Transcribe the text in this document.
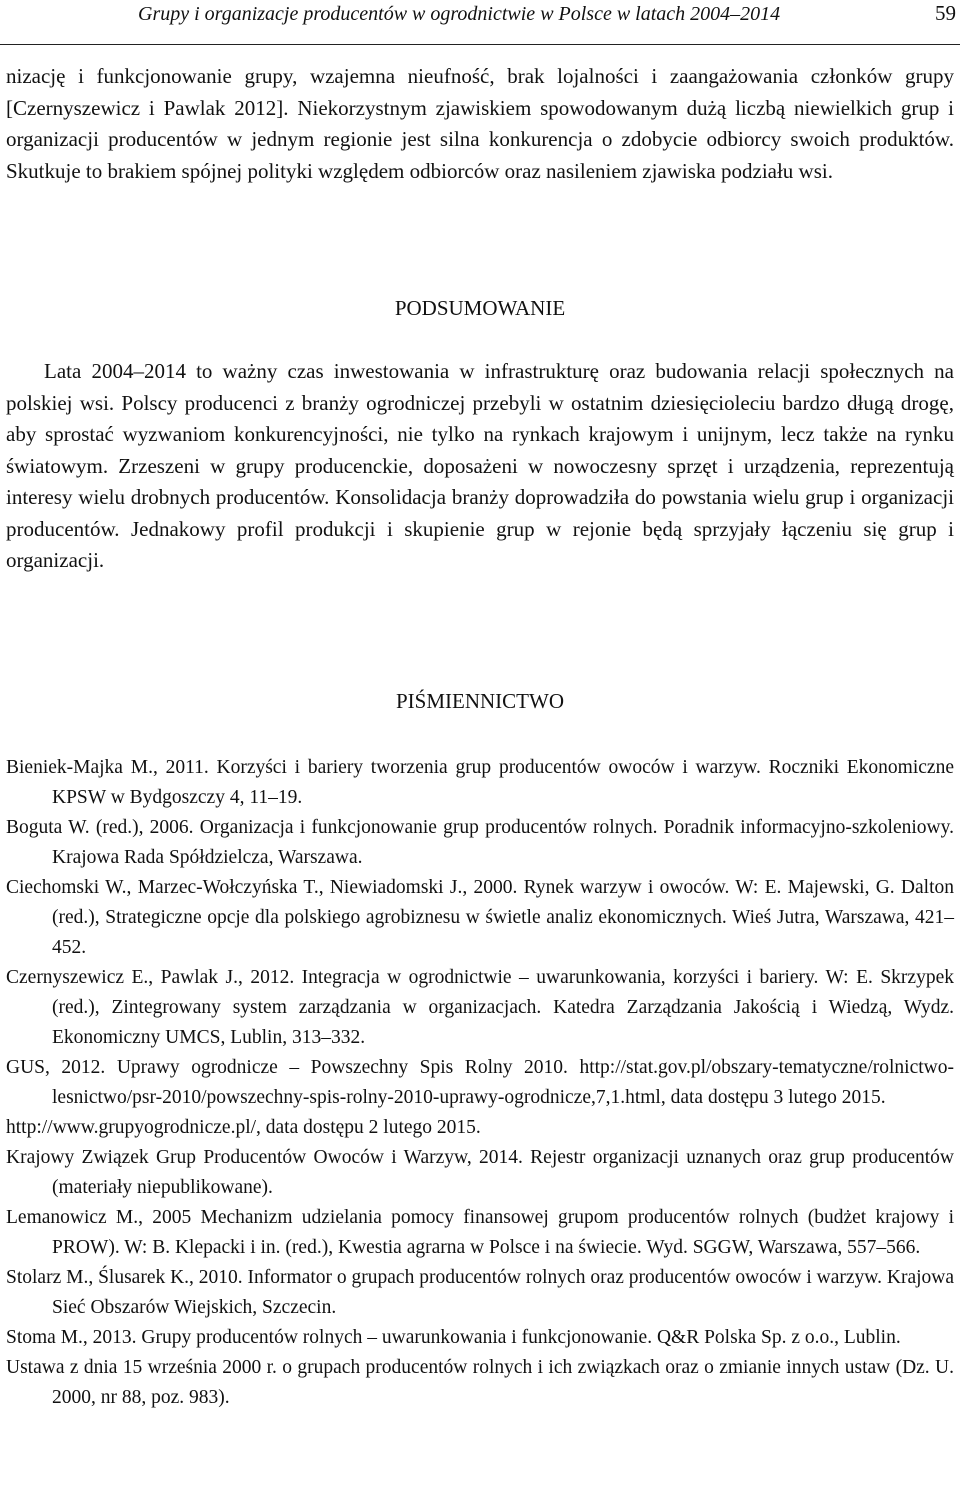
Grupy i organizacje producentów w ogrodnictwie w Polsce w latach 2004–2014	59

nizację i funkcjonowanie grupy, wzajemna nieufność, brak lojalności i zaangażowania członków grupy [Czernyszewicz i Pawlak 2012]. Niekorzystnym zjawiskiem spowodowanym dużą liczbą niewielkich grup i organizacji producentów w jednym regionie jest silna konkurencja o zdobycie odbiorcy swoich produktów. Skutkuje to brakiem spójnej polityki względem odbiorców oraz nasileniem zjawiska podziału wsi.

PODSUMOWANIE

Lata 2004–2014 to ważny czas inwestowania w infrastrukturę oraz budowania relacji społecznych na polskiej wsi. Polscy producenci z branży ogrodniczej przebyli w ostatnim dziesięcioleciu bardzo długą drogę, aby sprostać wyzwaniom konkurencyjności, nie tylko na rynkach krajowym i unijnym, lecz także na rynku światowym. Zrzeszeni w grupy producenckie, doposażeni w nowoczesny sprzęt i urządzenia, reprezentują interesy wielu drobnych producentów. Konsolidacja branży doprowadziła do powstania wielu grup i organizacji producentów. Jednakowy profil produkcji i skupienie grup w rejonie będą sprzyjały łączeniu się grup i organizacji.

PIŚMIENNICTWO

Bieniek-Majka M., 2011. Korzyści i bariery tworzenia grup producentów owoców i warzyw. Roczniki Ekonomiczne KPSW w Bydgoszczy 4, 11–19.

Boguta W. (red.), 2006. Organizacja i funkcjonowanie grup producentów rolnych. Poradnik informacyjno-szkoleniowy. Krajowa Rada Spółdzielcza, Warszawa.

Ciechomski W., Marzec-Wołczyńska T., Niewiadomski J., 2000. Rynek warzyw i owoców. W: E. Majewski, G. Dalton (red.), Strategiczne opcje dla polskiego agrobiznesu w świetle analiz ekonomicznych. Wieś Jutra, Warszawa, 421–452.

Czernyszewicz E., Pawlak J., 2012. Integracja w ogrodnictwie – uwarunkowania, korzyści i bariery. W: E. Skrzypek (red.), Zintegrowany system zarządzania w organizacjach. Katedra Zarządzania Jakością i Wiedzą, Wydz. Ekonomiczny UMCS, Lublin, 313–332.

GUS, 2012. Uprawy ogrodnicze – Powszechny Spis Rolny 2010. http://stat.gov.pl/obszary-tematyczne/rolnictwo-lesnictwo/psr-2010/powszechny-spis-rolny-2010-uprawy-ogrodnicze,7,1.html, data dostępu 3 lutego 2015.

http://www.grupyogrodnicze.pl/, data dostępu 2 lutego 2015.

Krajowy Związek Grup Producentów Owoców i Warzyw, 2014. Rejestr organizacji uznanych oraz grup producentów (materiały niepublikowane).

Lemanowicz M., 2005 Mechanizm udzielania pomocy finansowej grupom producentów rolnych (budżet krajowy i PROW). W: B. Klepacki i in. (red.), Kwestia agrarna w Polsce i na świecie. Wyd. SGGW, Warszawa, 557–566.

Stolarz M., Ślusarek K., 2010. Informator o grupach producentów rolnych oraz producentów owoców i warzyw. Krajowa Sieć Obszarów Wiejskich, Szczecin.

Stoma M., 2013. Grupy producentów rolnych – uwarunkowania i funkcjonowanie. Q&R Polska Sp. z o.o., Lublin.

Ustawa z dnia 15 września 2000 r. o grupach producentów rolnych i ich związkach oraz o zmianie innych ustaw (Dz. U. 2000, nr 88, poz. 983).
